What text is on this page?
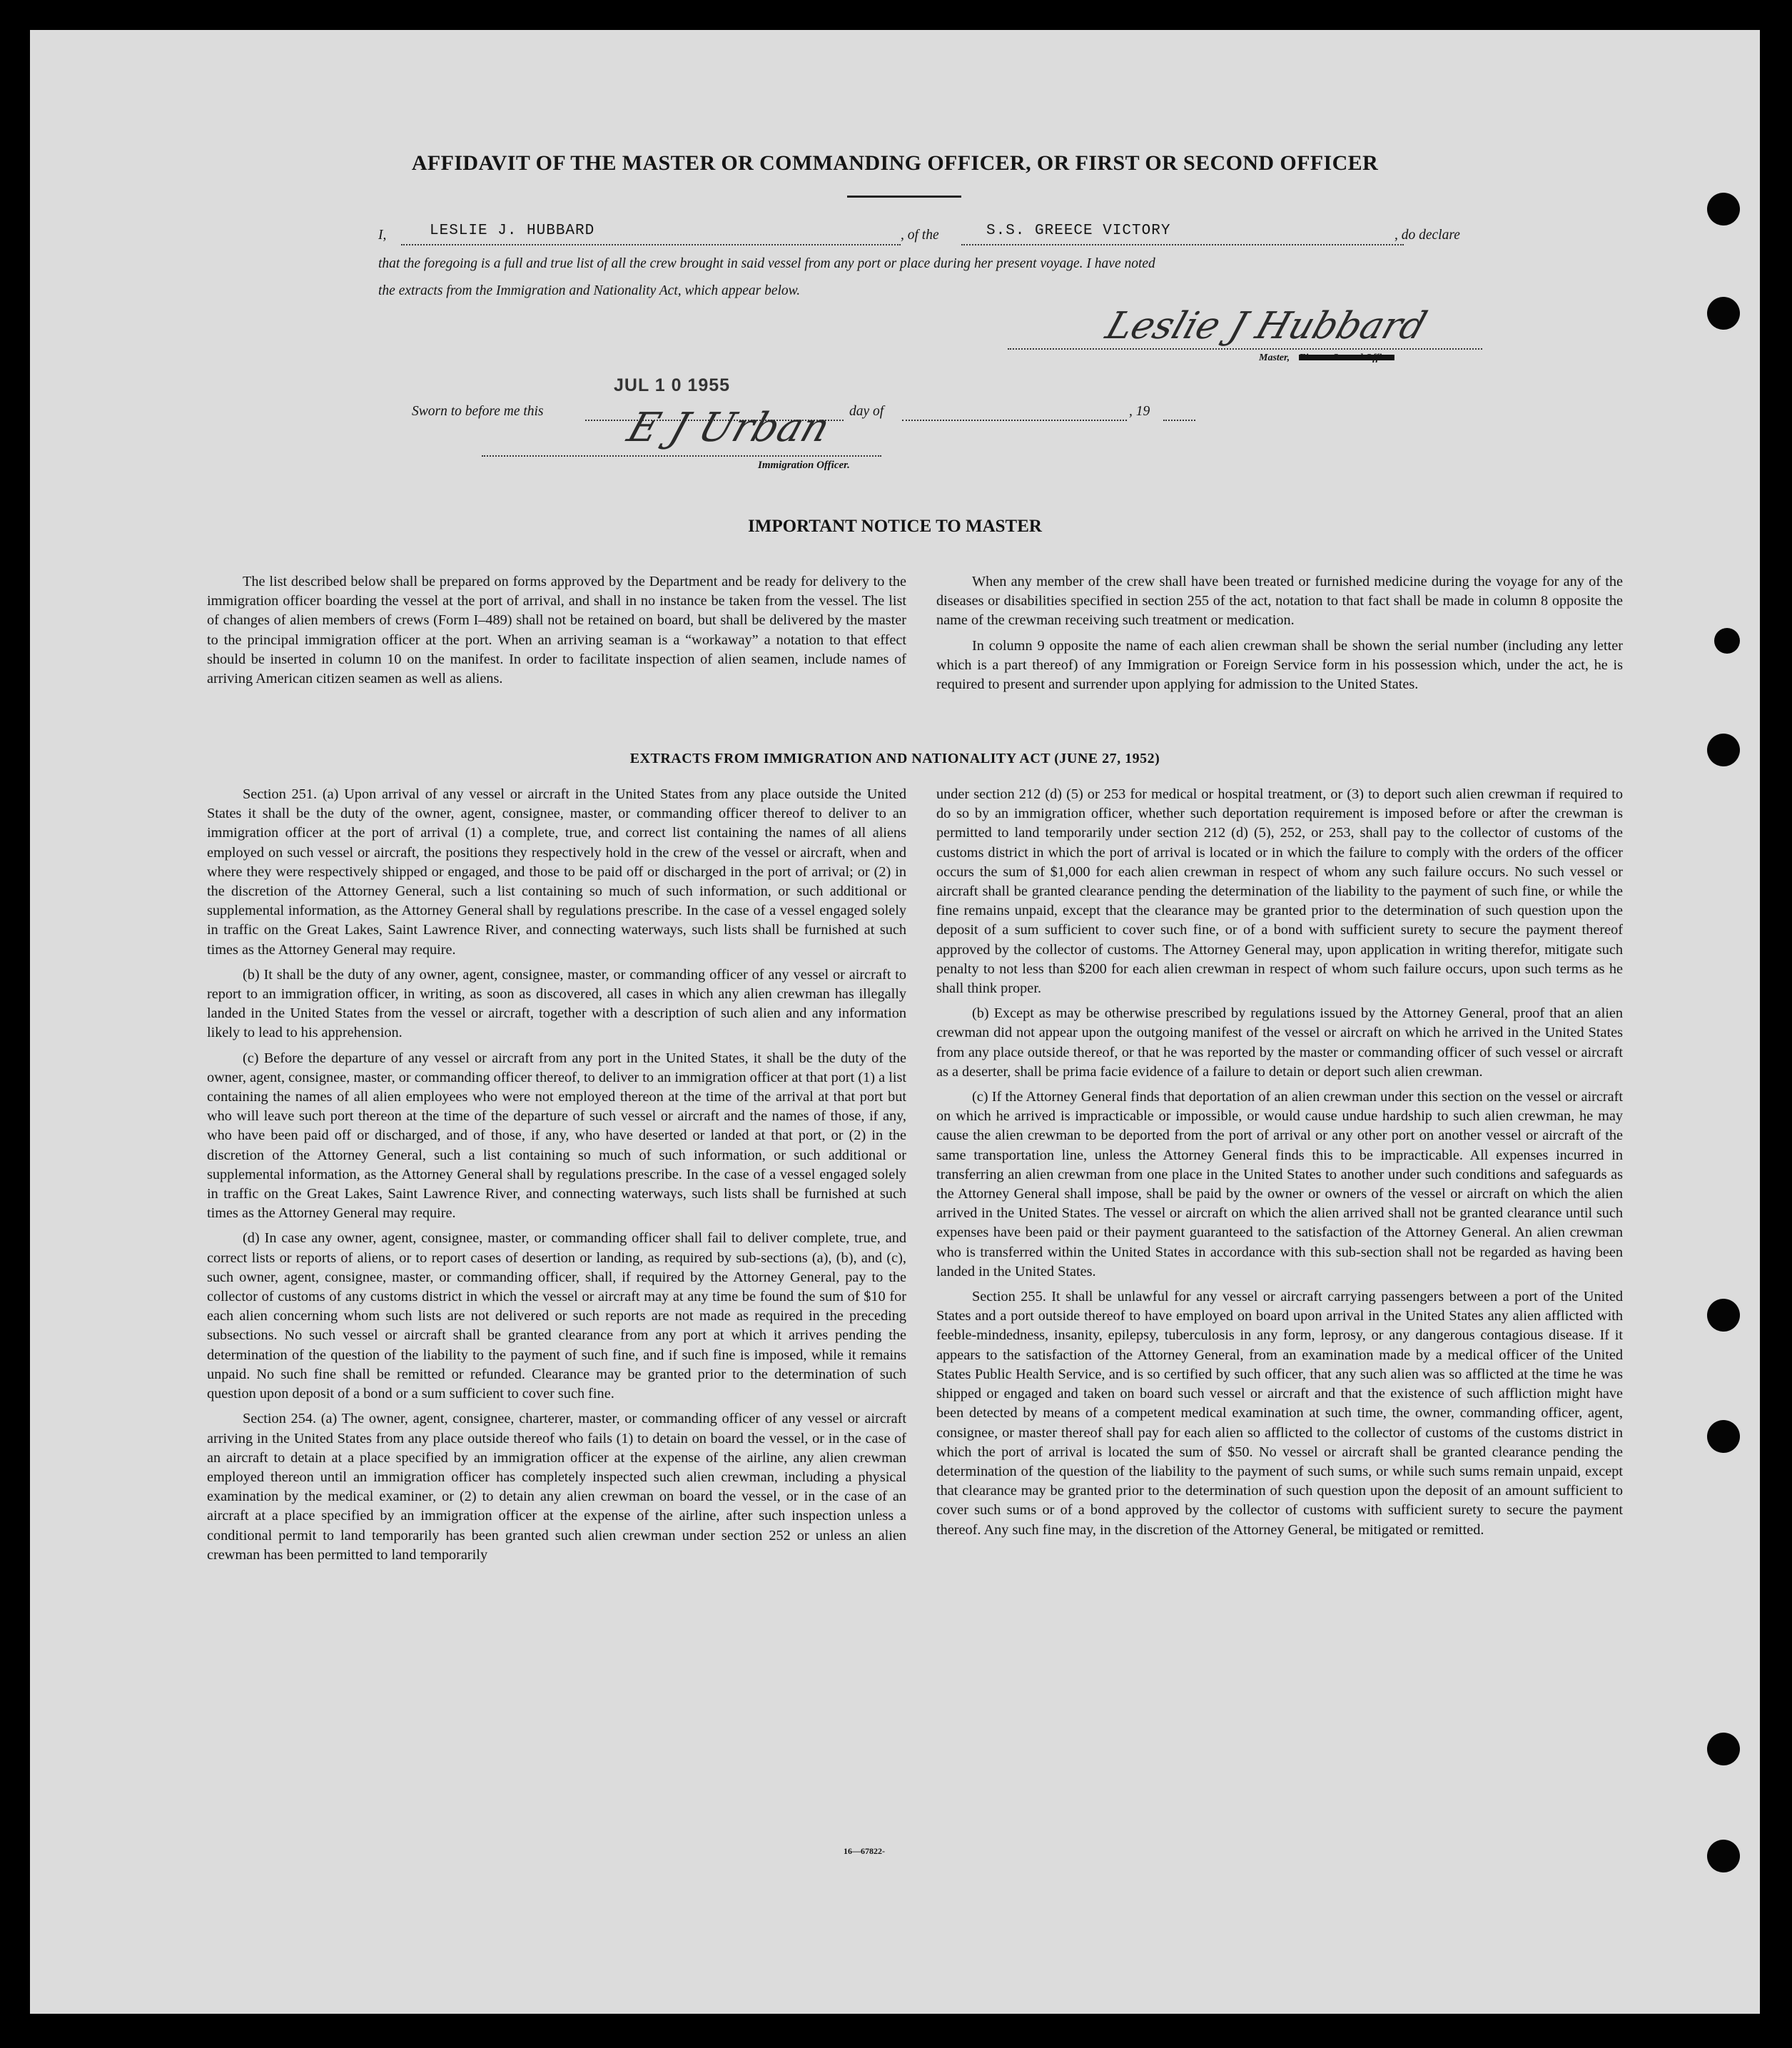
AFFIDAVIT OF THE MASTER OR COMMANDING OFFICER, OR FIRST OR SECOND OFFICER
I,	LESLIE J. HUBBARD	, of the	S.S. GREECE VICTORY	, do declare
that the foregoing is a full and true list of all the crew brought in said vessel from any port or place during her present voyage. I have noted
the extracts from the Immigration and Nationality Act, which appear below.
Leslie J Hubbard
Master, First or Second Officer
JUL 1 0 1955
Sworn to before me this	day of	, 19
E J Urban
Immigration Officer.
IMPORTANT NOTICE TO MASTER

The list described below shall be prepared on forms approved by the Department and be ready for delivery to the immigration officer boarding the vessel at the port of arrival, and shall in no instance be taken from the vessel. The list of changes of alien members of crews (Form I–489) shall not be retained on board, but shall be delivered by the master to the principal immigration officer at the port. When an arriving seaman is a “workaway” a notation to that effect should be inserted in column 10 on the manifest. In order to facilitate inspection of alien seamen, include names of arriving American citizen seamen as well as aliens.

When any member of the crew shall have been treated or furnished medicine during the voyage for any of the diseases or disabilities specified in section 255 of the act, notation to that fact shall be made in column 8 opposite the name of the crewman receiving such treatment or medication.

In column 9 opposite the name of each alien crewman shall be shown the serial number (including any letter which is a part thereof) of any Immigration or Foreign Service form in his possession which, under the act, he is required to present and surrender upon applying for admission to the United States.

EXTRACTS FROM IMMIGRATION AND NATIONALITY ACT (JUNE 27, 1952)

Section 251. (a) Upon arrival of any vessel or aircraft in the United States from any place outside the United States it shall be the duty of the owner, agent, consignee, master, or commanding officer thereof to deliver to an immigration officer at the port of arrival (1) a complete, true, and correct list containing the names of all aliens employed on such vessel or aircraft, the positions they respectively hold in the crew of the vessel or aircraft, when and where they were respectively shipped or engaged, and those to be paid off or discharged in the port of arrival; or (2) in the discretion of the Attorney General, such a list containing so much of such information, or such additional or supplemental information, as the Attorney General shall by regulations prescribe. In the case of a vessel engaged solely in traffic on the Great Lakes, Saint Lawrence River, and connecting waterways, such lists shall be furnished at such times as the Attorney General may require.

(b) It shall be the duty of any owner, agent, consignee, master, or commanding officer of any vessel or aircraft to report to an immigration officer, in writing, as soon as discovered, all cases in which any alien crewman has illegally landed in the United States from the vessel or aircraft, together with a description of such alien and any information likely to lead to his apprehension.

(c) Before the departure of any vessel or aircraft from any port in the United States, it shall be the duty of the owner, agent, consignee, master, or commanding officer thereof, to deliver to an immigration officer at that port (1) a list containing the names of all alien employees who were not employed thereon at the time of the arrival at that port but who will leave such port thereon at the time of the departure of such vessel or aircraft and the names of those, if any, who have been paid off or discharged, and of those, if any, who have deserted or landed at that port, or (2) in the discretion of the Attorney General, such a list containing so much of such information, or such additional or supplemental information, as the Attorney General shall by regulations prescribe. In the case of a vessel engaged solely in traffic on the Great Lakes, Saint Lawrence River, and connecting waterways, such lists shall be furnished at such times as the Attorney General may require.

(d) In case any owner, agent, consignee, master, or commanding officer shall fail to deliver complete, true, and correct lists or reports of aliens, or to report cases of desertion or landing, as required by sub-sections (a), (b), and (c), such owner, agent, consignee, master, or commanding officer, shall, if required by the Attorney General, pay to the collector of customs of any customs district in which the vessel or aircraft may at any time be found the sum of $10 for each alien concerning whom such lists are not delivered or such reports are not made as required in the preceding subsections. No such vessel or aircraft shall be granted clearance from any port at which it arrives pending the determination of the question of the liability to the payment of such fine, and if such fine is imposed, while it remains unpaid. No such fine shall be remitted or refunded. Clearance may be granted prior to the determination of such question upon deposit of a bond or a sum sufficient to cover such fine.

Section 254. (a) The owner, agent, consignee, charterer, master, or commanding officer of any vessel or aircraft arriving in the United States from any place outside thereof who fails (1) to detain on board the vessel, or in the case of an aircraft to detain at a place specified by an immigration officer at the expense of the airline, any alien crewman employed thereon until an immigration officer has completely inspected such alien crewman, including a physical examination by the medical examiner, or (2) to detain any alien crewman on board the vessel, or in the case of an aircraft at a place specified by an immigration officer at the expense of the airline, after such inspection unless a conditional permit to land temporarily has been granted such alien crewman under section 252 or unless an alien crewman has been permitted to land temporarily

under section 212 (d) (5) or 253 for medical or hospital treatment, or (3) to deport such alien crewman if required to do so by an immigration officer, whether such deportation requirement is imposed before or after the crewman is permitted to land temporarily under section 212 (d) (5), 252, or 253, shall pay to the collector of customs of the customs district in which the port of arrival is located or in which the failure to comply with the orders of the officer occurs the sum of $1,000 for each alien crewman in respect of whom any such failure occurs. No such vessel or aircraft shall be granted clearance pending the determination of the liability to the payment of such fine, or while the fine remains unpaid, except that the clearance may be granted prior to the determination of such question upon the deposit of a sum sufficient to cover such fine, or of a bond with sufficient surety to secure the payment thereof approved by the collector of customs. The Attorney General may, upon application in writing therefor, mitigate such penalty to not less than $200 for each alien crewman in respect of whom such failure occurs, upon such terms as he shall think proper.

(b) Except as may be otherwise prescribed by regulations issued by the Attorney General, proof that an alien crewman did not appear upon the outgoing manifest of the vessel or aircraft on which he arrived in the United States from any place outside thereof, or that he was reported by the master or commanding officer of such vessel or aircraft as a deserter, shall be prima facie evidence of a failure to detain or deport such alien crewman.

(c) If the Attorney General finds that deportation of an alien crewman under this section on the vessel or aircraft on which he arrived is impracticable or impossible, or would cause undue hardship to such alien crewman, he may cause the alien crewman to be deported from the port of arrival or any other port on another vessel or aircraft of the same transportation line, unless the Attorney General finds this to be impracticable. All expenses incurred in transferring an alien crewman from one place in the United States to another under such conditions and safeguards as the Attorney General shall impose, shall be paid by the owner or owners of the vessel or aircraft on which the alien arrived in the United States. The vessel or aircraft on which the alien arrived shall not be granted clearance until such expenses have been paid or their payment guaranteed to the satisfaction of the Attorney General. An alien crewman who is transferred within the United States in accordance with this sub-section shall not be regarded as having been landed in the United States.

Section 255. It shall be unlawful for any vessel or aircraft carrying passengers between a port of the United States and a port outside thereof to have employed on board upon arrival in the United States any alien afflicted with feeble-mindedness, insanity, epilepsy, tuberculosis in any form, leprosy, or any dangerous contagious disease. If it appears to the satisfaction of the Attorney General, from an examination made by a medical officer of the United States Public Health Service, and is so certified by such officer, that any such alien was so afflicted at the time he was shipped or engaged and taken on board such vessel or aircraft and that the existence of such affliction might have been detected by means of a competent medical examination at such time, the owner, commanding officer, agent, consignee, or master thereof shall pay for each alien so afflicted to the collector of customs of the customs district in which the port of arrival is located the sum of $50. No vessel or aircraft shall be granted clearance pending the determination of the question of the liability to the payment of such sums, or while such sums remain unpaid, except that clearance may be granted prior to the determination of such question upon the deposit of an amount sufficient to cover such sums or of a bond approved by the collector of customs with sufficient surety to secure the payment thereof. Any such fine may, in the discretion of the Attorney General, be mitigated or remitted.

16—67822-
